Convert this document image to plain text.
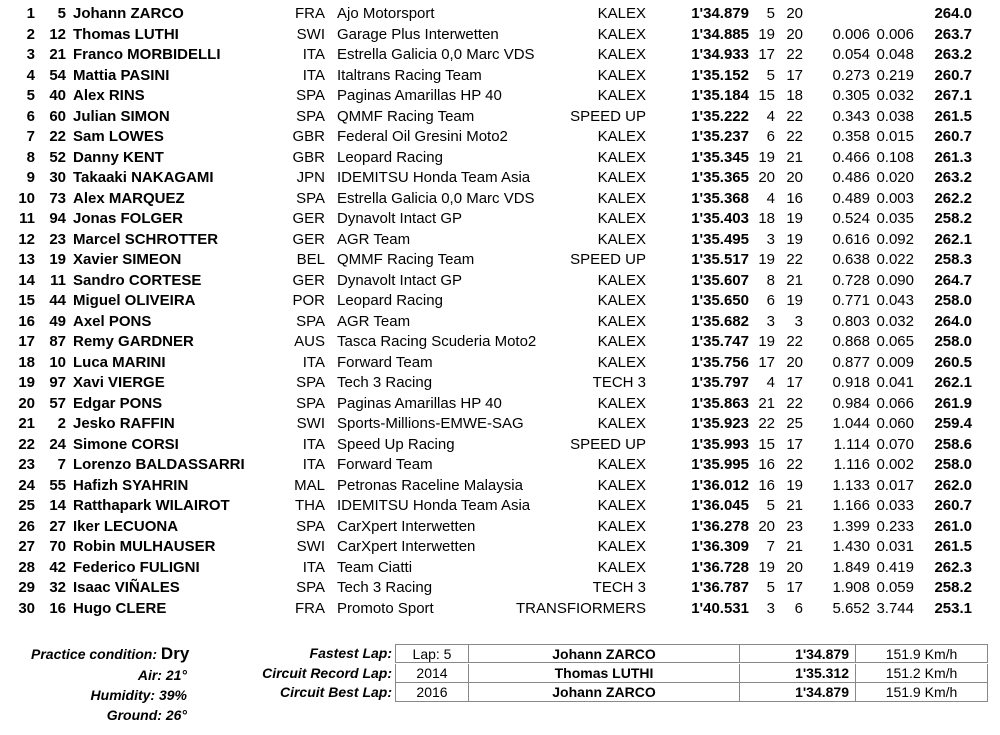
1 5 Johann ZARCO	FRA Ajo Motorsport	KALEX	1'34.879 5 20	264.0
2 12 Thomas LUTHI	SWI Garage Plus Interwetten	KALEX	1'34.885 19 20 0.006 0.006 263.7
3 21 Franco MORBIDELLI	ITA Estrella Galicia 0,0 Marc VDS	KALEX	1'34.933 17 22 0.054 0.048 263.2
4 54 Mattia PASINI	ITA Italtrans Racing Team	KALEX	1'35.152 5 17 0.273 0.219 260.7
5 40 Alex RINS	SPA Paginas Amarillas HP 40	KALEX	1'35.184 15 18 0.305 0.032 267.1
6 60 Julian SIMON	SPA QMMF Racing Team	SPEED UP	1'35.222 4 22 0.343 0.038 261.5
7 22 Sam LOWES	GBR Federal Oil Gresini Moto2	KALEX	1'35.237 6 22 0.358 0.015 260.7
8 52 Danny KENT	GBR Leopard Racing	KALEX	1'35.345 19 21 0.466 0.108 261.3
9 30 Takaaki NAKAGAMI	JPN IDEMITSU Honda Team Asia	KALEX	1'35.365 20 20 0.486 0.020 263.2
10 73 Alex MARQUEZ	SPA Estrella Galicia 0,0 Marc VDS	KALEX	1'35.368 4 16 0.489 0.003 262.2
11 94 Jonas FOLGER	GER Dynavolt Intact GP	KALEX	1'35.403 18 19 0.524 0.035 258.2
12 23 Marcel SCHROTTER	GER AGR Team	KALEX	1'35.495 3 19 0.616 0.092 262.1
13 19 Xavier SIMEON	BEL QMMF Racing Team	SPEED UP	1'35.517 19 22 0.638 0.022 258.3
14 11 Sandro CORTESE	GER Dynavolt Intact GP	KALEX	1'35.607 8 21 0.728 0.090 264.7
15 44 Miguel OLIVEIRA	POR Leopard Racing	KALEX	1'35.650 6 19 0.771 0.043 258.0
16 49 Axel PONS	SPA AGR Team	KALEX	1'35.682 3 3 0.803 0.032 264.0
17 87 Remy GARDNER	AUS Tasca Racing Scuderia Moto2	KALEX	1'35.747 19 22 0.868 0.065 258.0
18 10 Luca MARINI	ITA Forward Team	KALEX	1'35.756 17 20 0.877 0.009 260.5
19 97 Xavi VIERGE	SPA Tech 3 Racing	TECH 3	1'35.797 4 17 0.918 0.041 262.1
20 57 Edgar PONS	SPA Paginas Amarillas HP 40	KALEX	1'35.863 21 22 0.984 0.066 261.9
21 2 Jesko RAFFIN	SWI Sports-Millions-EMWE-SAG	KALEX	1'35.923 22 25 1.044 0.060 259.4
22 24 Simone CORSI	ITA Speed Up Racing	SPEED UP	1'35.993 15 17 1.114 0.070 258.6
23 7 Lorenzo BALDASSARRI	ITA Forward Team	KALEX	1'35.995 16 22 1.116 0.002 258.0
24 55 Hafizh SYAHRIN	MAL Petronas Raceline Malaysia	KALEX	1'36.012 16 19 1.133 0.017 262.0
25 14 Ratthapark WILAIROT	THA IDEMITSU Honda Team Asia	KALEX	1'36.045 5 21 1.166 0.033 260.7
26 27 Iker LECUONA	SPA CarXpert Interwetten	KALEX	1'36.278 20 23 1.399 0.233 261.0
27 70 Robin MULHAUSER	SWI CarXpert Interwetten	KALEX	1'36.309 7 21 1.430 0.031 261.5
28 42 Federico FULIGNI	ITA Team Ciatti	KALEX	1'36.728 19 20 1.849 0.419 262.3
29 32 Isaac VIÑALES	SPA Tech 3 Racing	TECH 3	1'36.787 5 17 1.908 0.059 258.2
30 16 Hugo CLERE	FRA Promoto Sport	TRANSFIORMERS	1'40.531 3 6 5.652 3.744 253.1
Practice condition: Dry
Air: 21°
Humidity: 39%
Ground: 26°
Fastest Lap:	Lap: 5	Johann ZARCO	1'34.879	151.9 Km/h
Circuit Record Lap:	2014	Thomas LUTHI	1'35.312	151.2 Km/h
Circuit Best Lap:	2016	Johann ZARCO	1'34.879	151.9 Km/h
